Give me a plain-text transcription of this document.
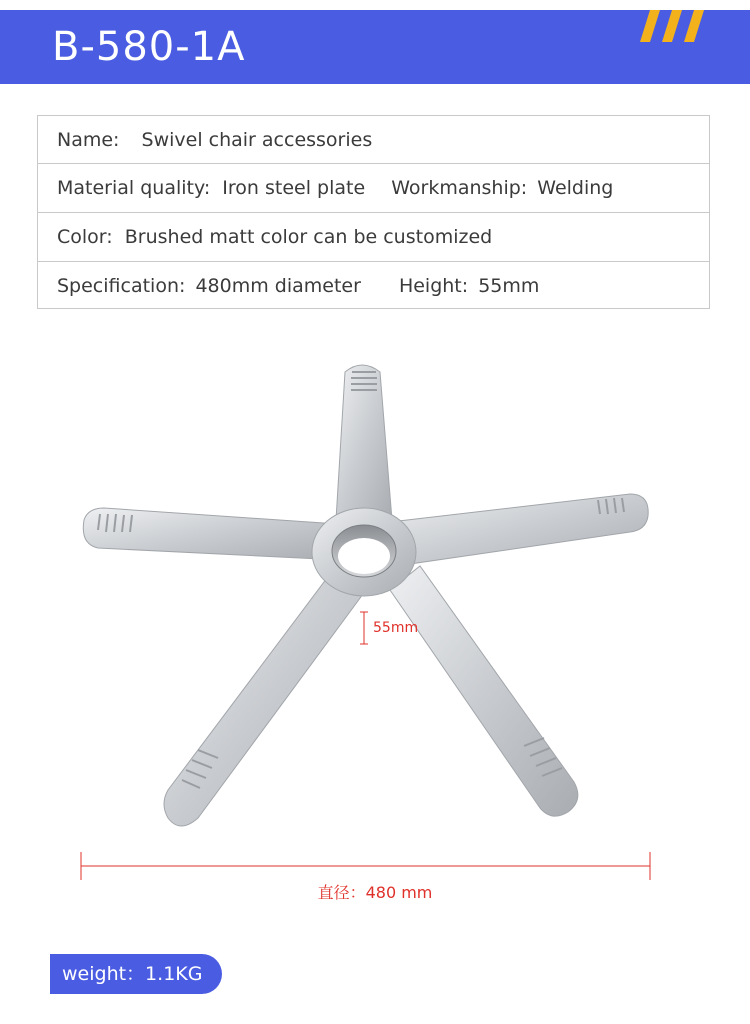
B-580-1A
Name: Swivel chair accessories
Material quality: Iron steel plate Workmanship: Welding
Color: Brushed matt color can be customized
Specification: 480mm diameter Height: 55mm
55mm
直径：480 mm
weight：1.1KG
